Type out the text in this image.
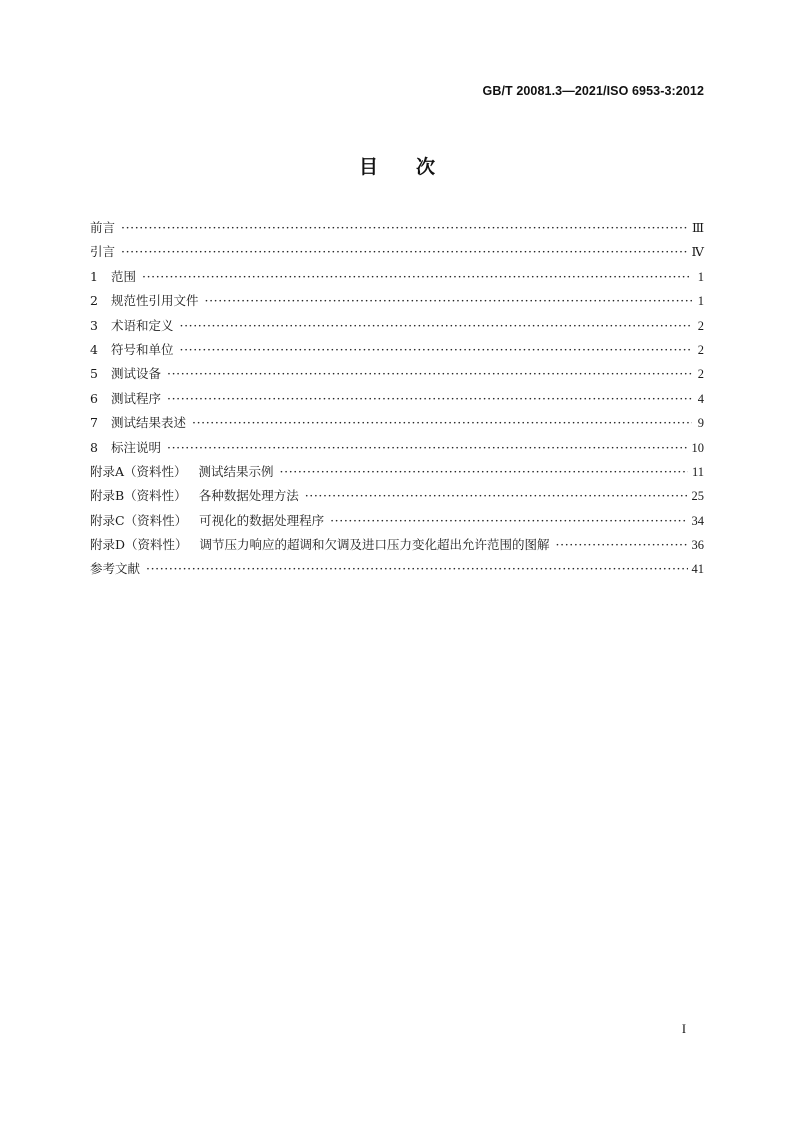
GB/T 20081.3—2021/ISO 6953-3:2012
目次
前言 ·····	Ⅲ
引言 ·····	Ⅳ
1	范围 ·····	1
2	规范性引用文件 ·····	1
3	术语和定义 ·····	2
4	符号和单位 ·····	2
5	测试设备 ·····	2
6	测试程序 ·····	4
7	测试结果表述 ·····	9
8	标注说明 ·····	10
附录A（资料性） 测试结果示例 ·····	11
附录B（资料性） 各种数据处理方法 ·····	25
附录C（资料性） 可视化的数据处理程序 ·····	34
附录D（资料性） 调节压力响应的超调和欠调及进口压力变化超出允许范围的图解 ·····	36
参考文献 ·····	41
I
